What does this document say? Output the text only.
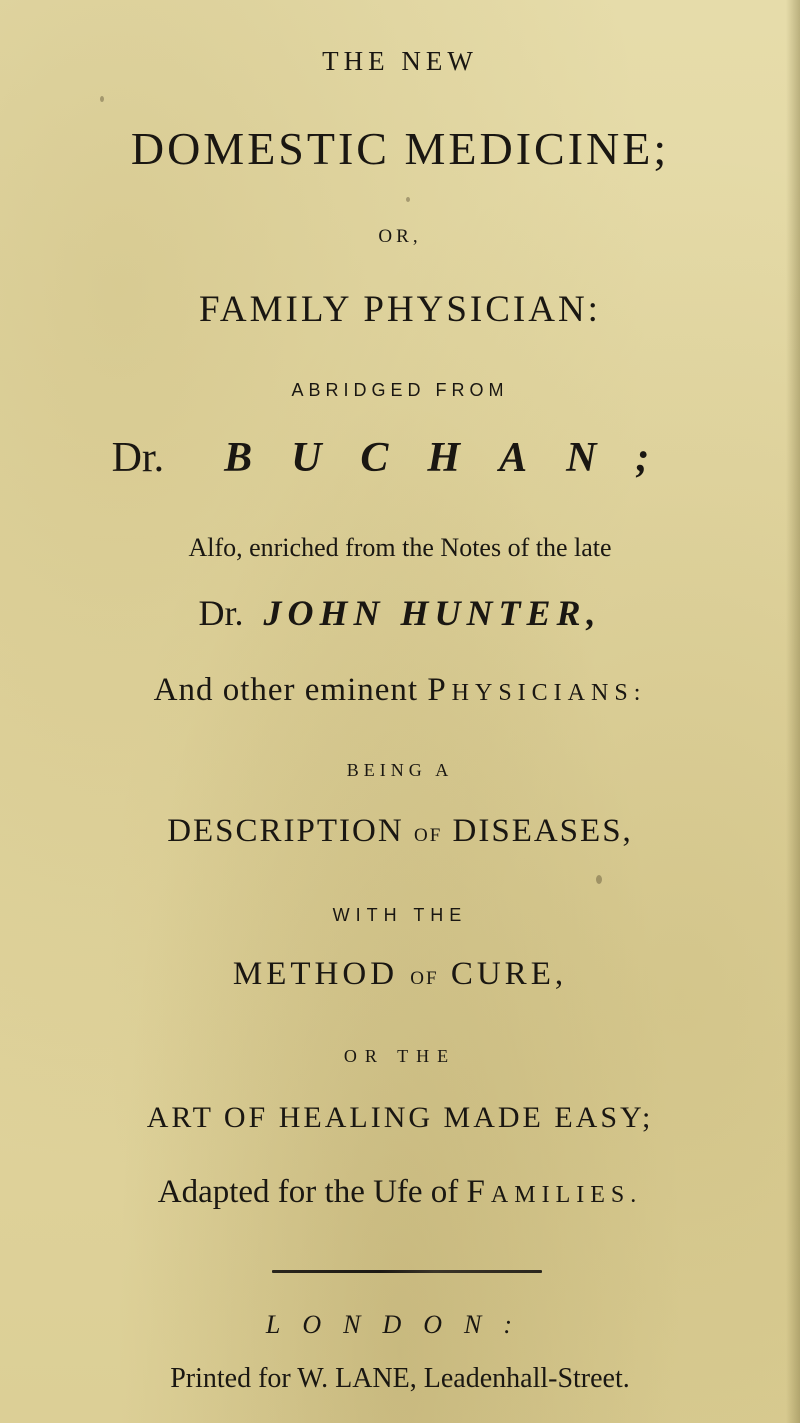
THE NEW
DOMESTIC MEDICINE;
OR,
FAMILY PHYSICIAN:
ABRIDGED FROM
Dr. BUCHAN;
Alfo, enriched from the Notes of the late
Dr. JOHN HUNTER,
And other eminent PHYSICIANS:
BEING A
DESCRIPTION OF DISEASES,
WITH THE
METHOD OF CURE,
OR THE
ART OF HEALING MADE EASY;
Adapted for the Ufe of FAMILIES.
LONDON:
Printed for W. LANE, Leadenhall-Street.
